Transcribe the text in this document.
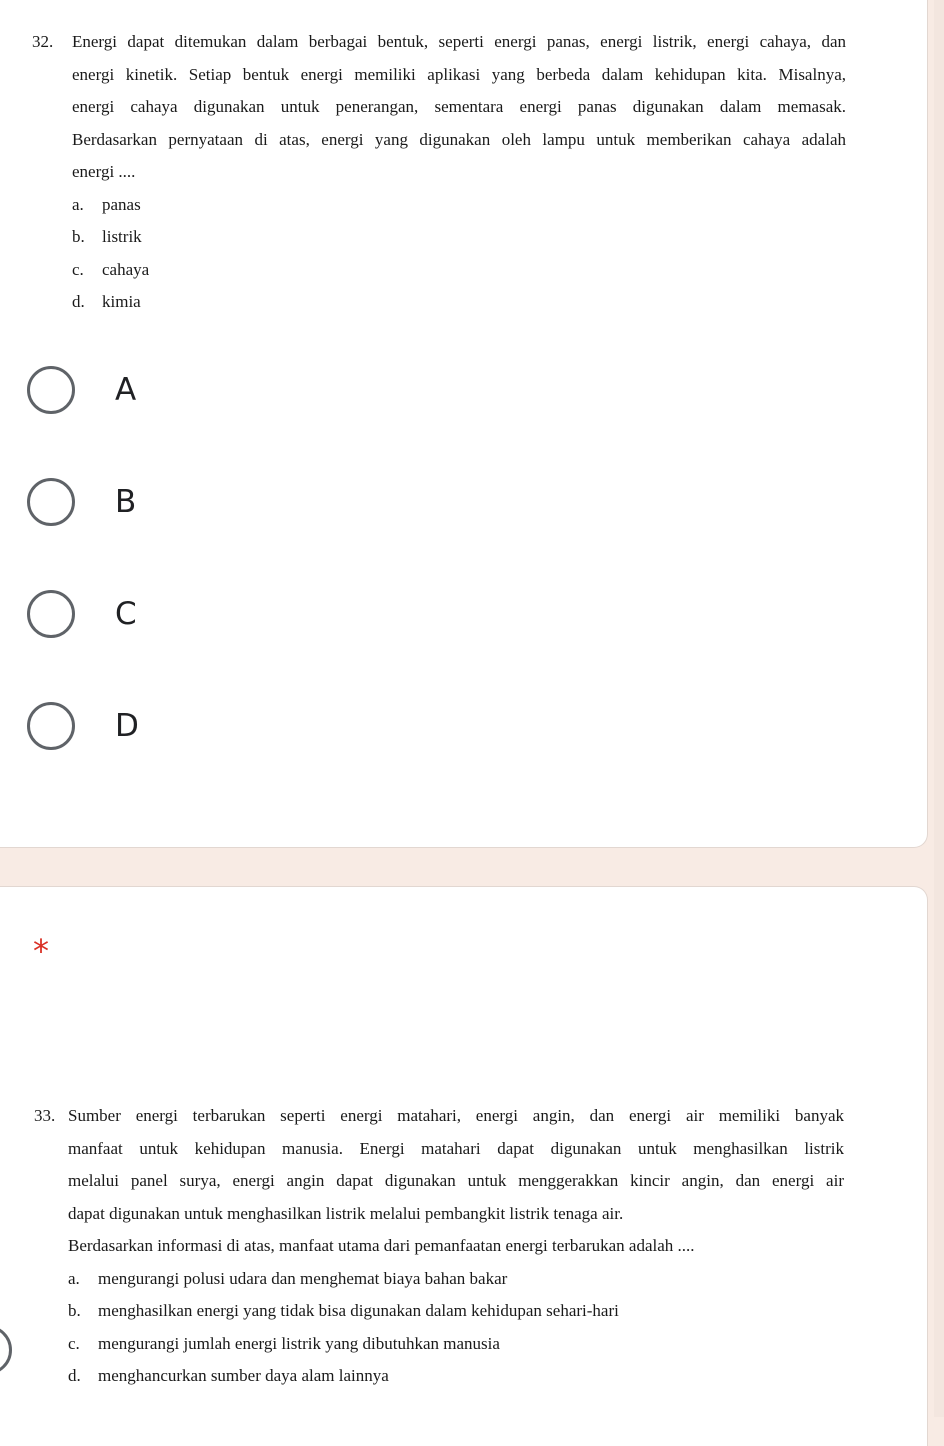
32. Energi dapat ditemukan dalam berbagai bentuk, seperti energi panas, energi listrik, energi cahaya, dan
energi kinetik. Setiap bentuk energi memiliki aplikasi yang berbeda dalam kehidupan kita. Misalnya,
energi cahaya digunakan untuk penerangan, sementara energi panas digunakan dalam memasak.
Berdasarkan pernyataan di atas, energi yang digunakan oleh lampu untuk memberikan cahaya adalah
energi ....
a. panas
b. listrik
c. cahaya
d. kimia
A
B
C
D
*
33. Sumber energi terbarukan seperti energi matahari, energi angin, dan energi air memiliki banyak
manfaat untuk kehidupan manusia. Energi matahari dapat digunakan untuk menghasilkan listrik
melalui panel surya, energi angin dapat digunakan untuk menggerakkan kincir angin, dan energi air
dapat digunakan untuk menghasilkan listrik melalui pembangkit listrik tenaga air.
Berdasarkan informasi di atas, manfaat utama dari pemanfaatan energi terbarukan adalah ....
a. mengurangi polusi udara dan menghemat biaya bahan bakar
b. menghasilkan energi yang tidak bisa digunakan dalam kehidupan sehari-hari
c. mengurangi jumlah energi listrik yang dibutuhkan manusia
d. menghancurkan sumber daya alam lainnya
